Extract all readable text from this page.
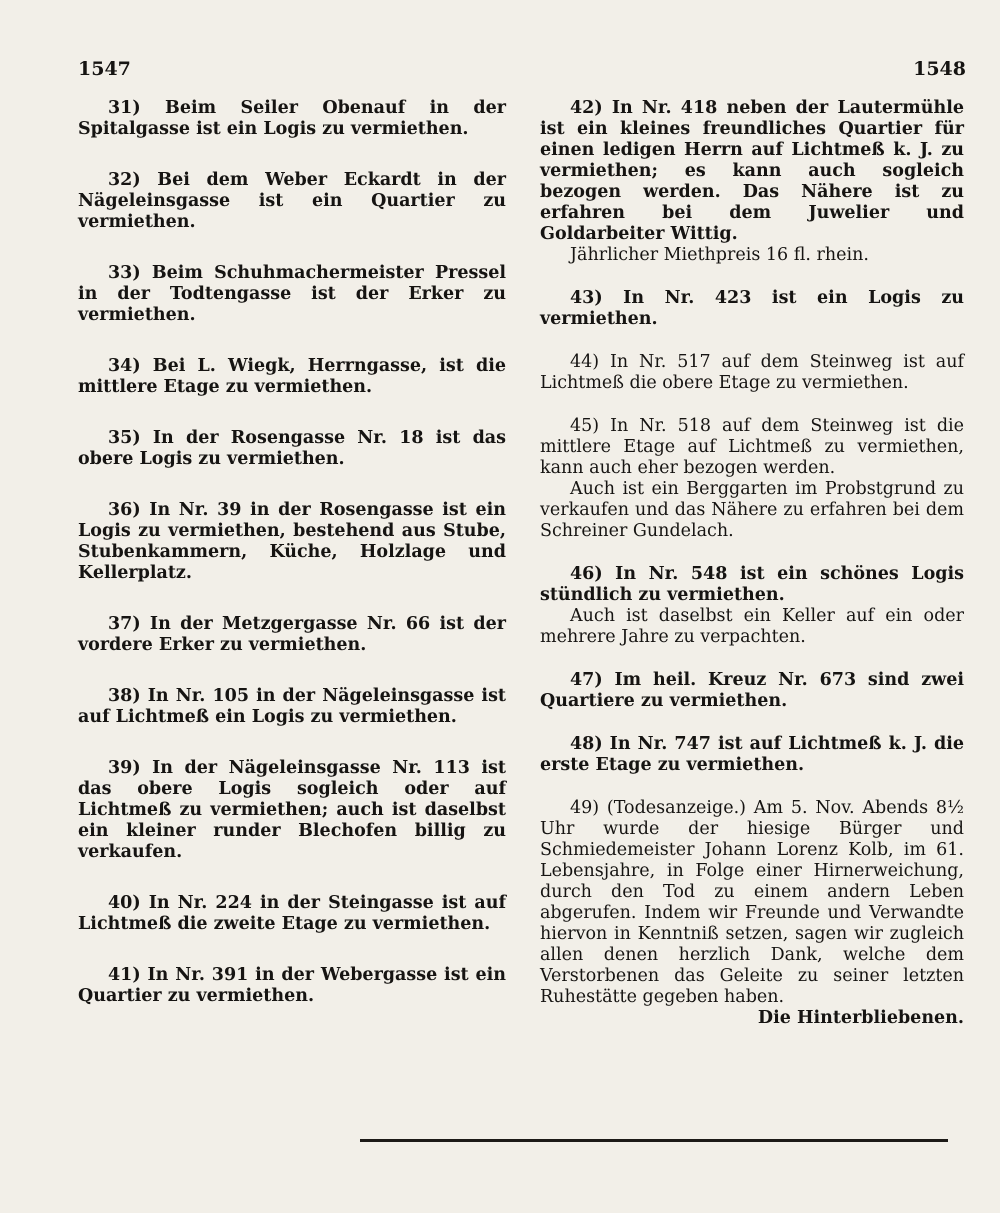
1547	1548
31) Beim Seiler Obenauf in der Spitalgasse ist ein Logis zu vermiethen.
32) Bei dem Weber Eckardt in der Nägeleinsgasse ist ein Quartier zu vermiethen.
33) Beim Schuhmachermeister Pressel in der Todtengasse ist der Erker zu vermiethen.
34) Bei L. Wiegk, Herrngasse, ist die mittlere Etage zu vermiethen.
35) In der Rosengasse Nr. 18 ist das obere Logis zu vermiethen.
36) In Nr. 39 in der Rosengasse ist ein Logis zu vermiethen, bestehend aus Stube, Stubenkammern, Küche, Holzlage und Kellerplatz.
37) In der Metzgergasse Nr. 66 ist der vordere Erker zu vermiethen.
38) In Nr. 105 in der Nägeleinsgasse ist auf Lichtmeß ein Logis zu vermiethen.
39) In der Nägeleinsgasse Nr. 113 ist das obere Logis sogleich oder auf Lichtmeß zu vermiethen; auch ist daselbst ein kleiner runder Blechofen billig zu verkaufen.
40) In Nr. 224 in der Steingasse ist auf Lichtmeß die zweite Etage zu vermiethen.
41) In Nr. 391 in der Webergasse ist ein Quartier zu vermiethen.
42) In Nr. 418 neben der Lautermühle ist ein kleines freundliches Quartier für einen ledigen Herrn auf Lichtmeß k. J. zu vermiethen; es kann auch sogleich bezogen werden. Das Nähere ist zu erfahren bei dem Juwelier und Goldarbeiter Wittig.
Jährlicher Miethpreis 16 fl. rhein.
43) In Nr. 423 ist ein Logis zu vermiethen.
44) In Nr. 517 auf dem Steinweg ist auf Lichtmeß die obere Etage zu vermiethen.
45) In Nr. 518 auf dem Steinweg ist die mittlere Etage auf Lichtmeß zu vermiethen, kann auch eher bezogen werden.
Auch ist ein Berggarten im Probstgrund zu verkaufen und das Nähere zu erfahren bei dem Schreiner Gundelach.
46) In Nr. 548 ist ein schönes Logis stündlich zu vermiethen.
Auch ist daselbst ein Keller auf ein oder mehrere Jahre zu verpachten.
47) Im heil. Kreuz Nr. 673 sind zwei Quartiere zu vermiethen.
48) In Nr. 747 ist auf Lichtmeß k. J. die erste Etage zu vermiethen.
49) (Todesanzeige.) Am 5. Nov. Abends 8½ Uhr wurde der hiesige Bürger und Schmiedemeister Johann Lorenz Kolb, im 61. Lebensjahre, in Folge einer Hirnerweichung, durch den Tod zu einem andern Leben abgerufen. Indem wir Freunde und Verwandte hiervon in Kenntniß setzen, sagen wir zugleich allen denen herzlich Dank, welche dem Verstorbenen das Geleite zu seiner letzten Ruhestätte gegeben haben.
Die Hinterbliebenen.
